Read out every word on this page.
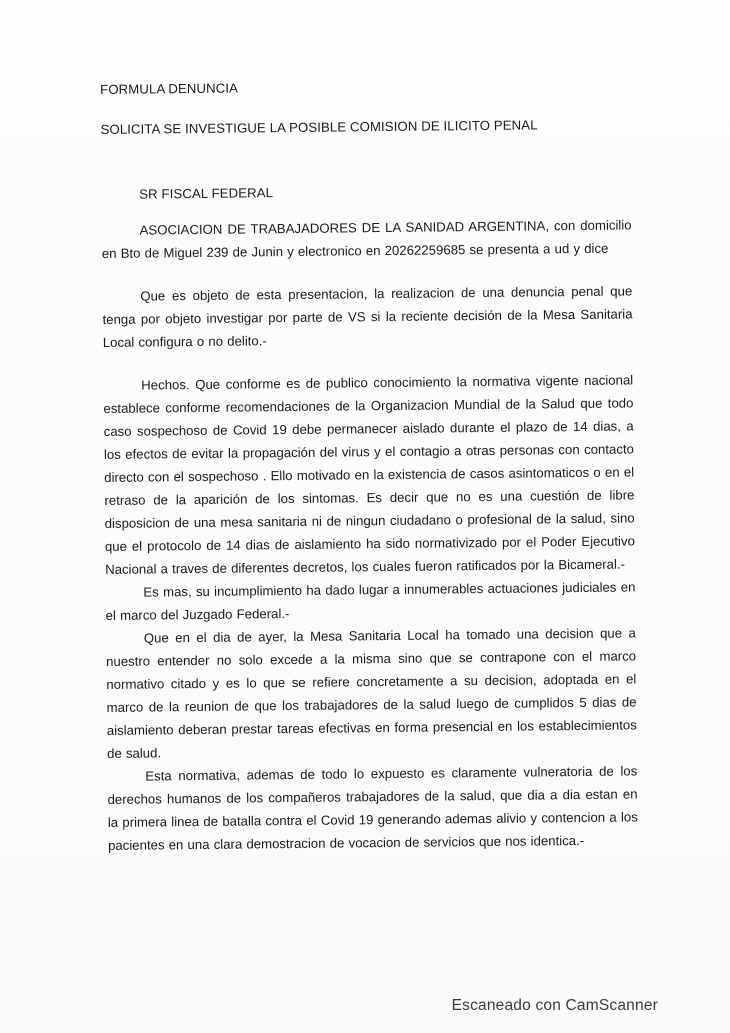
FORMULA DENUNCIA

SOLICITA SE INVESTIGUE LA POSIBLE COMISION DE ILICITO PENAL

SR FISCAL FEDERAL

ASOCIACION DE TRABAJADORES DE LA SANIDAD ARGENTINA, con domicilio en Bto de Miguel 239 de Junin y electronico en 20262259685 se presenta a ud y dice

Que es objeto de esta presentacion, la realizacion de una denuncia penal que tenga por objeto investigar por parte de VS si la reciente decisión de la Mesa Sanitaria Local configura o no delito.-

Hechos. Que conforme es de publico conocimiento la normativa vigente nacional establece conforme recomendaciones de la Organizacion Mundial de la Salud que todo caso sospechoso de Covid 19 debe permanecer aislado durante el plazo de 14 dias, a los efectos de evitar la propagación del virus y el contagio a otras personas con contacto directo con el sospechoso . Ello motivado en la existencia de casos asintomaticos o en el retraso de la aparición de los sintomas. Es decir que no es una cuestión de libre disposicion de una mesa sanitaria ni de ningun ciudadano o profesional de la salud, sino que el protocolo de 14 dias de aislamiento ha sido normativizado por el Poder Ejecutivo Nacional a traves de diferentes decretos, los cuales fueron ratificados por la Bicameral.-

Es mas, su incumplimiento ha dado lugar a innumerables actuaciones judiciales en el marco del Juzgado Federal.-

Que en el dia de ayer, la Mesa Sanitaria Local ha tomado una decision que a nuestro entender no solo excede a la misma sino que se contrapone con el marco normativo citado y es lo que se refiere concretamente a su decision, adoptada en el marco de la reunion de que los trabajadores de la salud luego de cumplidos 5 dias de aislamiento deberan prestar tareas efectivas en forma presencial en los establecimientos de salud.

Esta normativa, ademas de todo lo expuesto es claramente vulneratoria de los derechos humanos de los compañeros trabajadores de la salud, que dia a dia estan en la primera linea de batalla contra el Covid 19 generando ademas alivio y contencion a los pacientes en una clara demostracion de vocacion de servicios que nos identica.-

Escaneado con CamScanner
